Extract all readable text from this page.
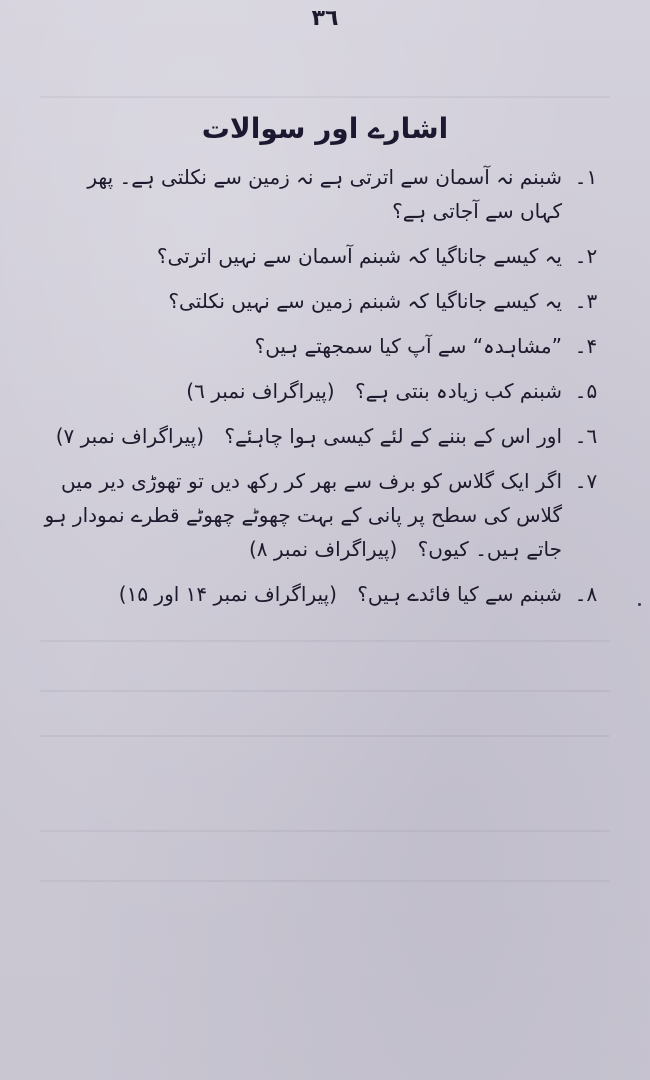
۳٦
اشارے اور سوالات
۱۔
شبنم نہ آسمان سے اترتی ہے نہ زمین سے نکلتی ہے۔ پھر کہاں سے آجاتی ہے؟
۲۔
یہ کیسے جاناگیا کہ شبنم آسمان سے نہیں اترتی؟
۳۔
یہ کیسے جاناگیا کہ شبنم زمین سے نہیں نکلتی؟
۴۔
”مشاہدہ“ سے آپ کیا سمجھتے ہیں؟
۵۔
شبنم کب زیادہ بنتی ہے؟ (پیراگراف نمبر ٦)
٦۔
اور اس کے بننے کے لئے کیسی ہوا چاہئے؟ (پیراگراف نمبر ۷)
۷۔
اگر ایک گلاس کو برف سے بھر کر رکھ دیں تو تھوڑی دیر میں گلاس کی سطح پر پانی کے بہت چھوٹے چھوٹے قطرے نمودار ہو جاتے ہیں۔ کیوں؟ (پیراگراف نمبر ۸)
۸۔
شبنم سے کیا فائدے ہیں؟ (پیراگراف نمبر ۱۴ اور ۱۵)
